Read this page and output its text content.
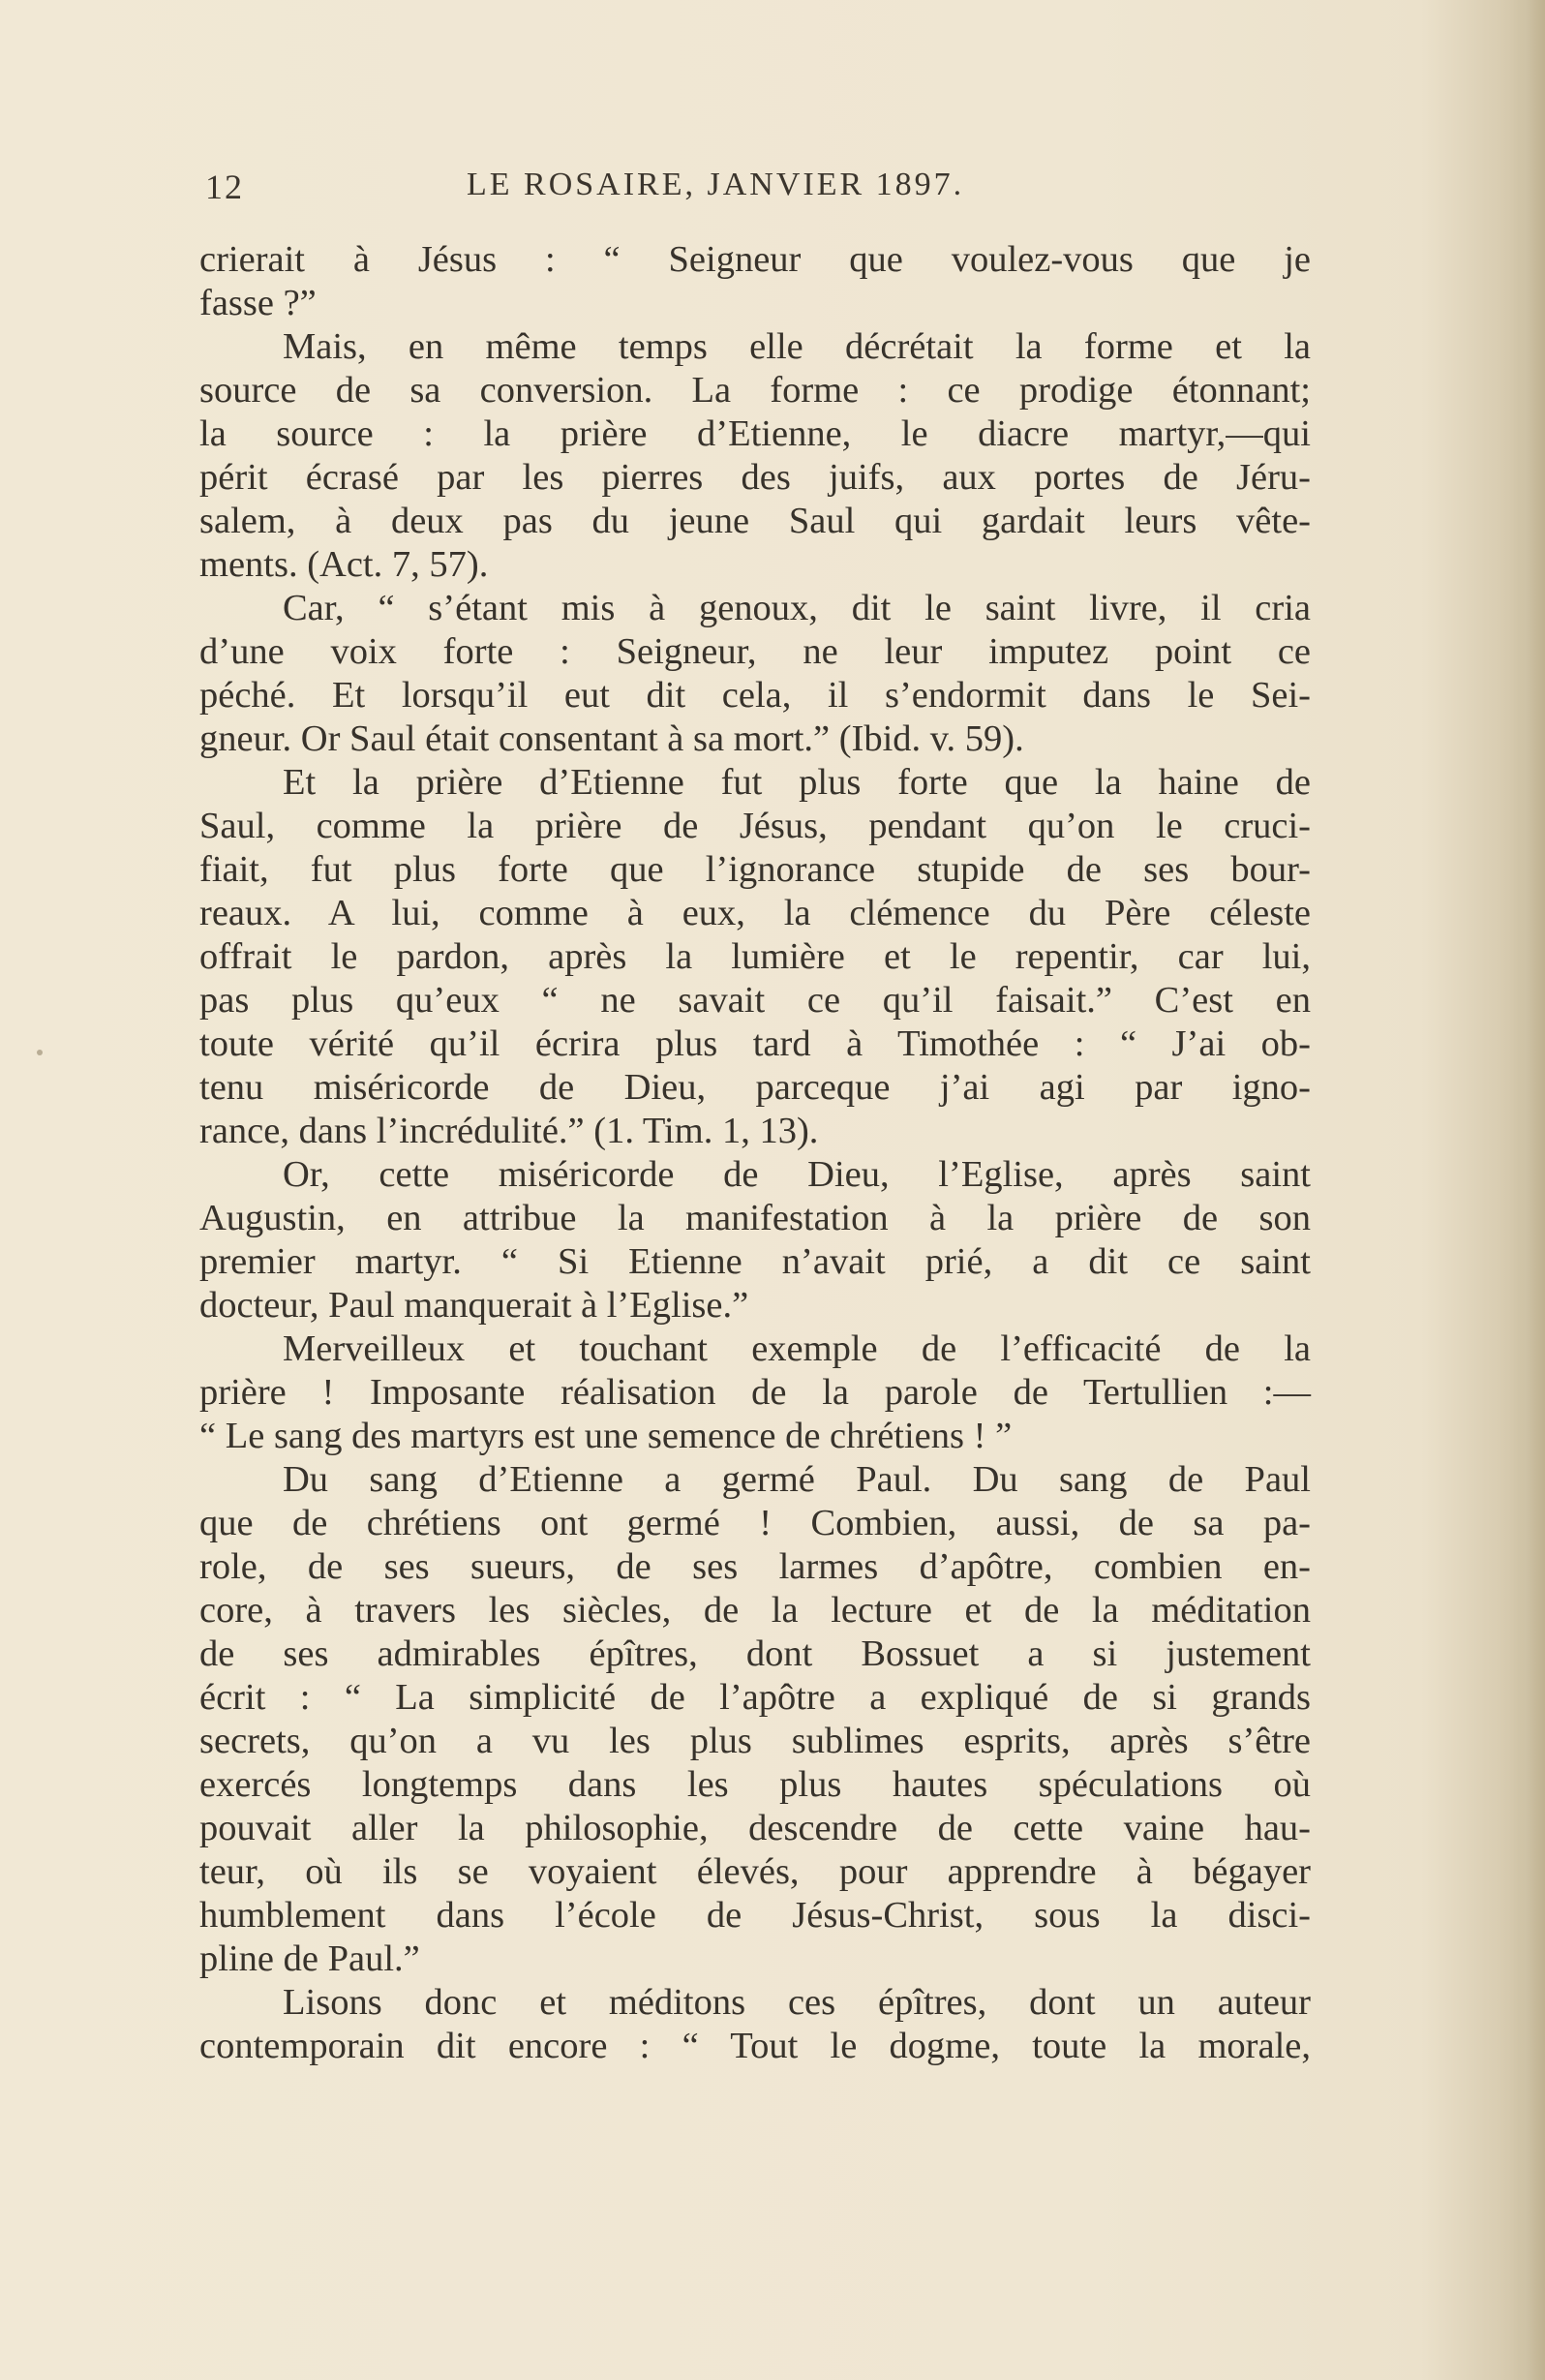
12	LE ROSAIRE, JANVIER 1897.
crierait à Jésus : “ Seigneur que voulez-vous que je
fasse ?”
Mais, en même temps elle décrétait la forme et la
source de sa conversion. La forme : ce prodige étonnant;
la source : la prière d’Etienne, le diacre martyr,—qui
périt écrasé par les pierres des juifs, aux portes de Jéru-
salem, à deux pas du jeune Saul qui gardait leurs vête-
ments. (Act. 7, 57).
Car, “ s’étant mis à genoux, dit le saint livre, il cria
d’une voix forte : Seigneur, ne leur imputez point ce
péché. Et lorsqu’il eut dit cela, il s’endormit dans le Sei-
gneur. Or Saul était consentant à sa mort.” (Ibid. v. 59).
Et la prière d’Etienne fut plus forte que la haine de
Saul, comme la prière de Jésus, pendant qu’on le cruci-
fiait, fut plus forte que l’ignorance stupide de ses bour-
reaux. A lui, comme à eux, la clémence du Père céleste
offrait le pardon, après la lumière et le repentir, car lui,
pas plus qu’eux “ ne savait ce qu’il faisait.” C’est en
toute vérité qu’il écrira plus tard à Timothée : “ J’ai ob-
tenu miséricorde de Dieu, parceque j’ai agi par igno-
rance, dans l’incrédulité.” (1. Tim. 1, 13).
Or, cette miséricorde de Dieu, l’Eglise, après saint
Augustin, en attribue la manifestation à la prière de son
premier martyr. “ Si Etienne n’avait prié, a dit ce saint
docteur, Paul manquerait à l’Eglise.”
Merveilleux et touchant exemple de l’efficacité de la
prière ! Imposante réalisation de la parole de Tertullien :—
“ Le sang des martyrs est une semence de chrétiens ! ”
Du sang d’Etienne a germé Paul. Du sang de Paul
que de chrétiens ont germé ! Combien, aussi, de sa pa-
role, de ses sueurs, de ses larmes d’apôtre, combien en-
core, à travers les siècles, de la lecture et de la méditation
de ses admirables épîtres, dont Bossuet a si justement
écrit : “ La simplicité de l’apôtre a expliqué de si grands
secrets, qu’on a vu les plus sublimes esprits, après s’être
exercés longtemps dans les plus hautes spéculations où
pouvait aller la philosophie, descendre de cette vaine hau-
teur, où ils se voyaient élevés, pour apprendre à bégayer
humblement dans l’école de Jésus-Christ, sous la disci-
pline de Paul.”
Lisons donc et méditons ces épîtres, dont un auteur
contemporain dit encore : “ Tout le dogme, toute la morale,
